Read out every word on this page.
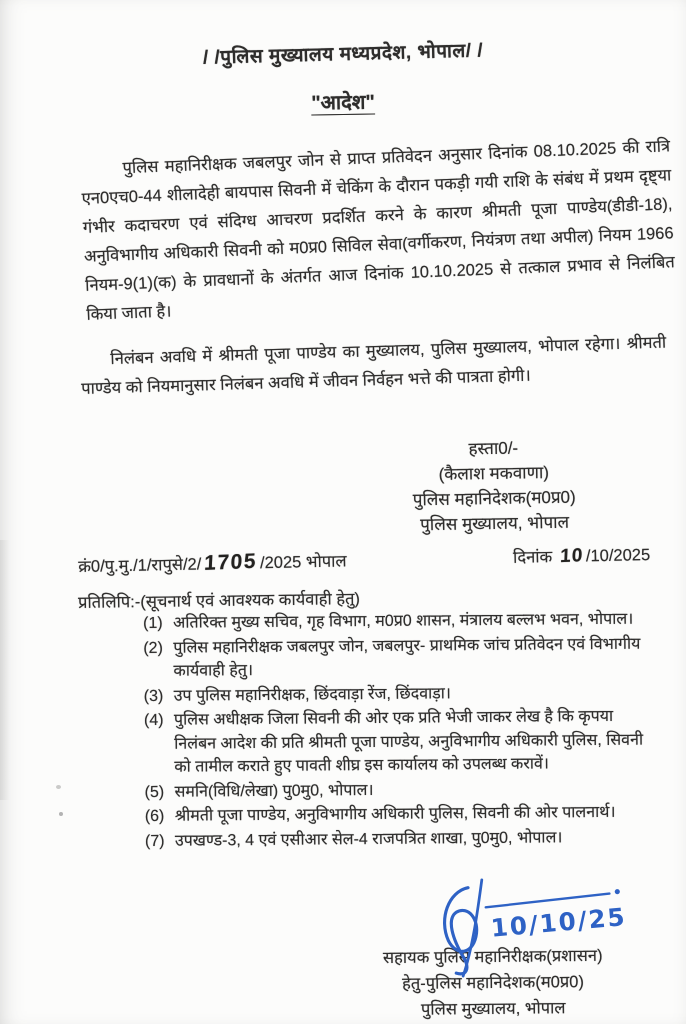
/ /पुलिस मुख्यालय मध्यप्रदेश, भोपाल/ /
"आदेश"

पुलिस महानिरीक्षक जबलपुर जोन से प्राप्त प्रतिवेदन अनुसार दिनांक 08.10.2025 की रात्रि एन0एच0-44 शीलादेही बायपास सिवनी में चेकिंग के दौरान पकड़ी गयी राशि के संबंध में प्रथम दृष्ट्या गंभीर कदाचरण एवं संदिग्ध आचरण प्रदर्शित करने के कारण श्रीमती पूजा पाण्डेय(डीडी-18), अनुविभागीय अधिकारी सिवनी को म0प्र0 सिविल सेवा(वर्गीकरण, नियंत्रण तथा अपील) नियम 1966 नियम-9(1)(क) के प्रावधानों के अंतर्गत आज दिनांक 10.10.2025 से तत्काल प्रभाव से निलंबित किया जाता है।

निलंबन अवधि में श्रीमती पूजा पाण्डेय का मुख्यालय, पुलिस मुख्यालय, भोपाल रहेगा। श्रीमती पाण्डेय को नियमानुसार निलंबन अवधि में जीवन निर्वहन भत्ते की पात्रता होगी।

हस्ता0/-
(कैलाश मकवाणा)
पुलिस महानिदेशक(म0प्र0)
पुलिस मुख्यालय, भोपाल
क्रं0/पु.मु./1/रापुसे/2/ 1705 /2025 भोपाल	दिनांक 10 /10/2025
प्रतिलिपि:-(सूचनार्थ एवं आवश्यक कार्यवाही हेतु)
(1) अतिरिक्त मुख्य सचिव, गृह विभाग, म0प्र0 शासन, मंत्रालय बल्लभ भवन, भोपाल।
(2) पुलिस महानिरीक्षक जबलपुर जोन, जबलपुर- प्राथमिक जांच प्रतिवेदन एवं विभागीय कार्यवाही हेतु।
(3) उप पुलिस महानिरीक्षक, छिंदवाड़ा रेंज, छिंदवाड़ा।
(4) पुलिस अधीक्षक जिला सिवनी की ओर एक प्रति भेजी जाकर लेख है कि कृपया निलंबन आदेश की प्रति श्रीमती पूजा पाण्डेय, अनुविभागीय अधिकारी पुलिस, सिवनी को तामील कराते हुए पावती शीघ्र इस कार्यालय को उपलब्ध करावें।
(5) समनि(विधि/लेखा) पु0मु0, भोपाल।
(6) श्रीमती पूजा पाण्डेय, अनुविभागीय अधिकारी पुलिस, सिवनी की ओर पालनार्थ।
(7) उपखण्ड-3, 4 एवं एसीआर सेल-4 राजपत्रित शाखा, पु0मु0, भोपाल।
10/10/25
सहायक पुलिस महानिरीक्षक(प्रशासन)
हेतु-पुलिस महानिदेशक(म0प्र0)
पुलिस मुख्यालय, भोपाल
